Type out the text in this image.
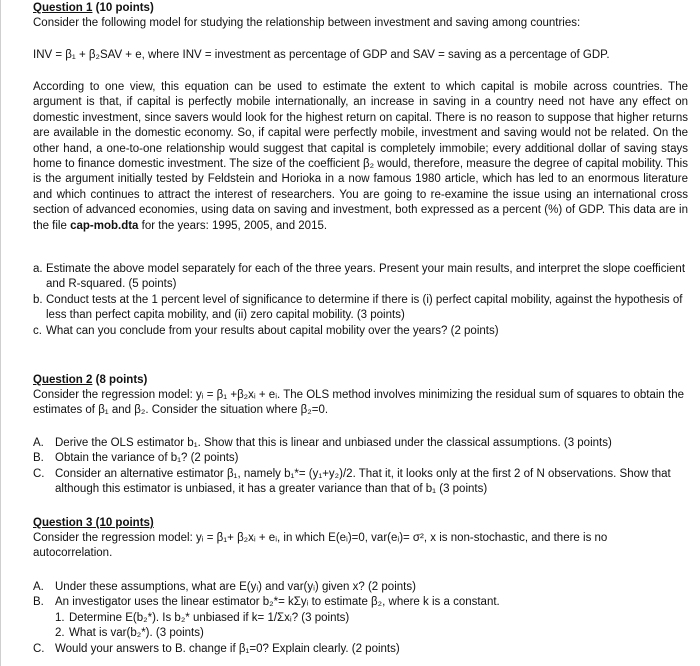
Question 1 (10 points)
Consider the following model for studying the relationship between investment and saving among countries:
INV = β₁ + β₂SAV + e, where INV = investment as percentage of GDP and SAV = saving as a percentage of GDP.
According to one view, this equation can be used to estimate the extent to which capital is mobile across countries. The argument is that, if capital is perfectly mobile internationally, an increase in saving in a country need not have any effect on domestic investment, since savers would look for the highest return on capital. There is no reason to suppose that higher returns are available in the domestic economy. So, if capital were perfectly mobile, investment and saving would not be related. On the other hand, a one-to-one relationship would suggest that capital is completely immobile; every additional dollar of saving stays home to finance domestic investment. The size of the coefficient β₂ would, therefore, measure the degree of capital mobility. This is the argument initially tested by Feldstein and Horioka in a now famous 1980 article, which has led to an enormous literature and which continues to attract the interest of researchers. You are going to re-examine the issue using an international cross section of advanced economies, using data on saving and investment, both expressed as a percent (%) of GDP. This data are in the file cap-mob.dta for the years: 1995, 2005, and 2015.
a. Estimate the above model separately for each of the three years. Present your main results, and interpret the slope coefficient and R-squared. (5 points)
b. Conduct tests at the 1 percent level of significance to determine if there is (i) perfect capital mobility, against the hypothesis of less than perfect capita mobility, and (ii) zero capital mobility. (3 points)
c. What can you conclude from your results about capital mobility over the years? (2 points)
Question 2 (8 points)
Consider the regression model: yᵢ = β₁ +β₂xᵢ + eᵢ. The OLS method involves minimizing the residual sum of squares to obtain the estimates of β₁ and β₂. Consider the situation where β₂=0.
A. Derive the OLS estimator b₁. Show that this is linear and unbiased under the classical assumptions. (3 points)
B. Obtain the variance of b₁? (2 points)
C. Consider an alternative estimator β₁, namely b₁*= (y₁+y₂)/2. That it, it looks only at the first 2 of N observations. Show that although this estimator is unbiased, it has a greater variance than that of b₁ (3 points)
Question 3 (10 points)
Consider the regression model: yᵢ = β₁+ β₂xᵢ + eᵢ, in which E(eᵢ)=0, var(eᵢ)= σ², x is non-stochastic, and there is no autocorrelation.
A. Under these assumptions, what are E(yᵢ) and var(yᵢ) given x? (2 points)
B. An investigator uses the linear estimator b₂*= kΣyᵢ to estimate β₂, where k is a constant.
1. Determine E(b₂*). Is b₂* unbiased if k= 1/Σxᵢ? (3 points)
2. What is var(b₂*). (3 points)
C. Would your answers to B. change if β₁=0? Explain clearly. (2 points)
